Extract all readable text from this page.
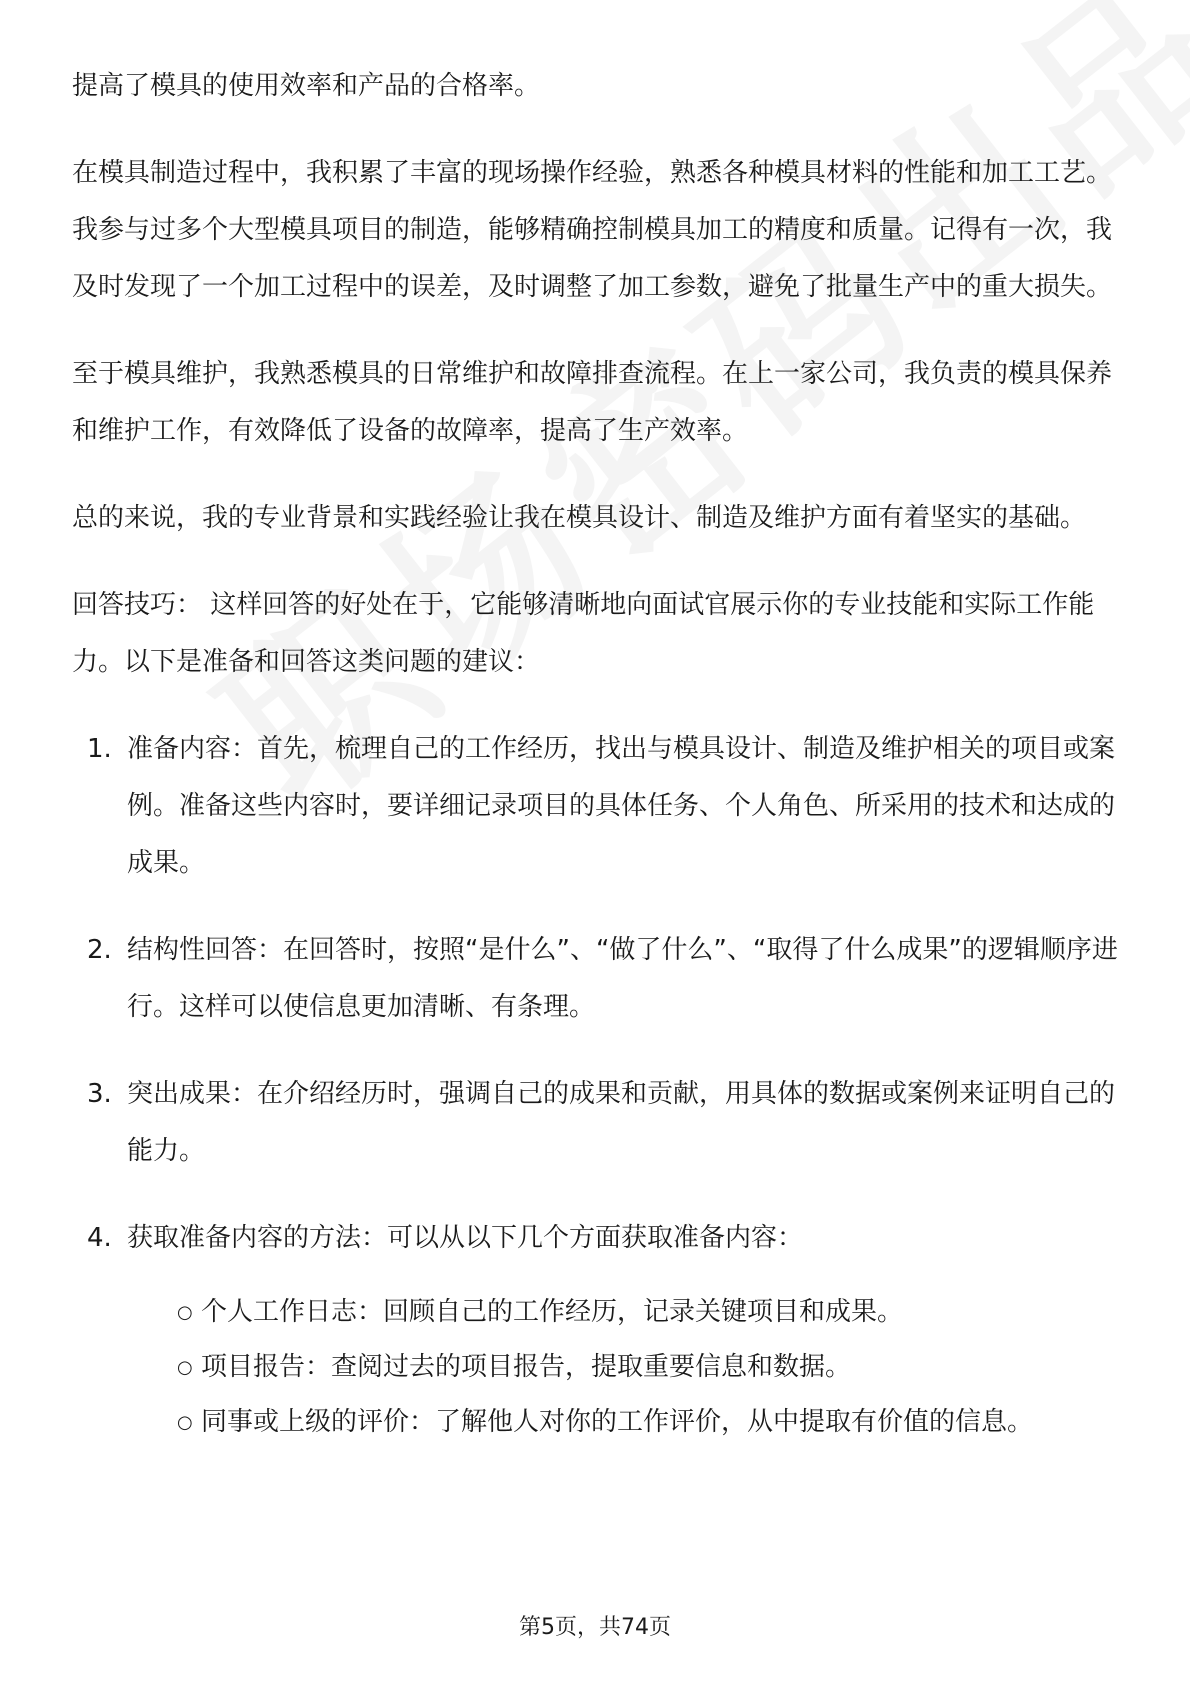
提高了模具的使用效率和产品的合格率。

在模具制造过程中，我积累了丰富的现场操作经验，熟悉各种模具材料的性能和加工工艺。我参与过多个大型模具项目的制造，能够精确控制模具加工的精度和质量。记得有一次，我及时发现了一个加工过程中的误差，及时调整了加工参数，避免了批量生产中的重大损失。

至于模具维护，我熟悉模具的日常维护和故障排查流程。在上一家公司，我负责的模具保养和维护工作，有效降低了设备的故障率，提高了生产效率。

总的来说，我的专业背景和实践经验让我在模具设计、制造及维护方面有着坚实的基础。

回答技巧： 这样回答的好处在于，它能够清晰地向面试官展示你的专业技能和实际工作能力。以下是准备和回答这类问题的建议：

1. 准备内容：首先，梳理自己的工作经历，找出与模具设计、制造及维护相关的项目或案例。准备这些内容时，要详细记录项目的具体任务、个人角色、所采用的技术和达成的成果。
2. 结构性回答：在回答时，按照“是什么”、“做了什么”、“取得了什么成果”的逻辑顺序进行。这样可以使信息更加清晰、有条理。
3. 突出成果：在介绍经历时，强调自己的成果和贡献，用具体的数据或案例来证明自己的能力。
4. 获取准备内容的方法：可以从以下几个方面获取准备内容：
○ 个人工作日志：回顾自己的工作经历，记录关键项目和成果。
○ 项目报告：查阅过去的项目报告，提取重要信息和数据。
○ 同事或上级的评价：了解他人对你的工作评价，从中提取有价值的信息。
第5页，共74页
